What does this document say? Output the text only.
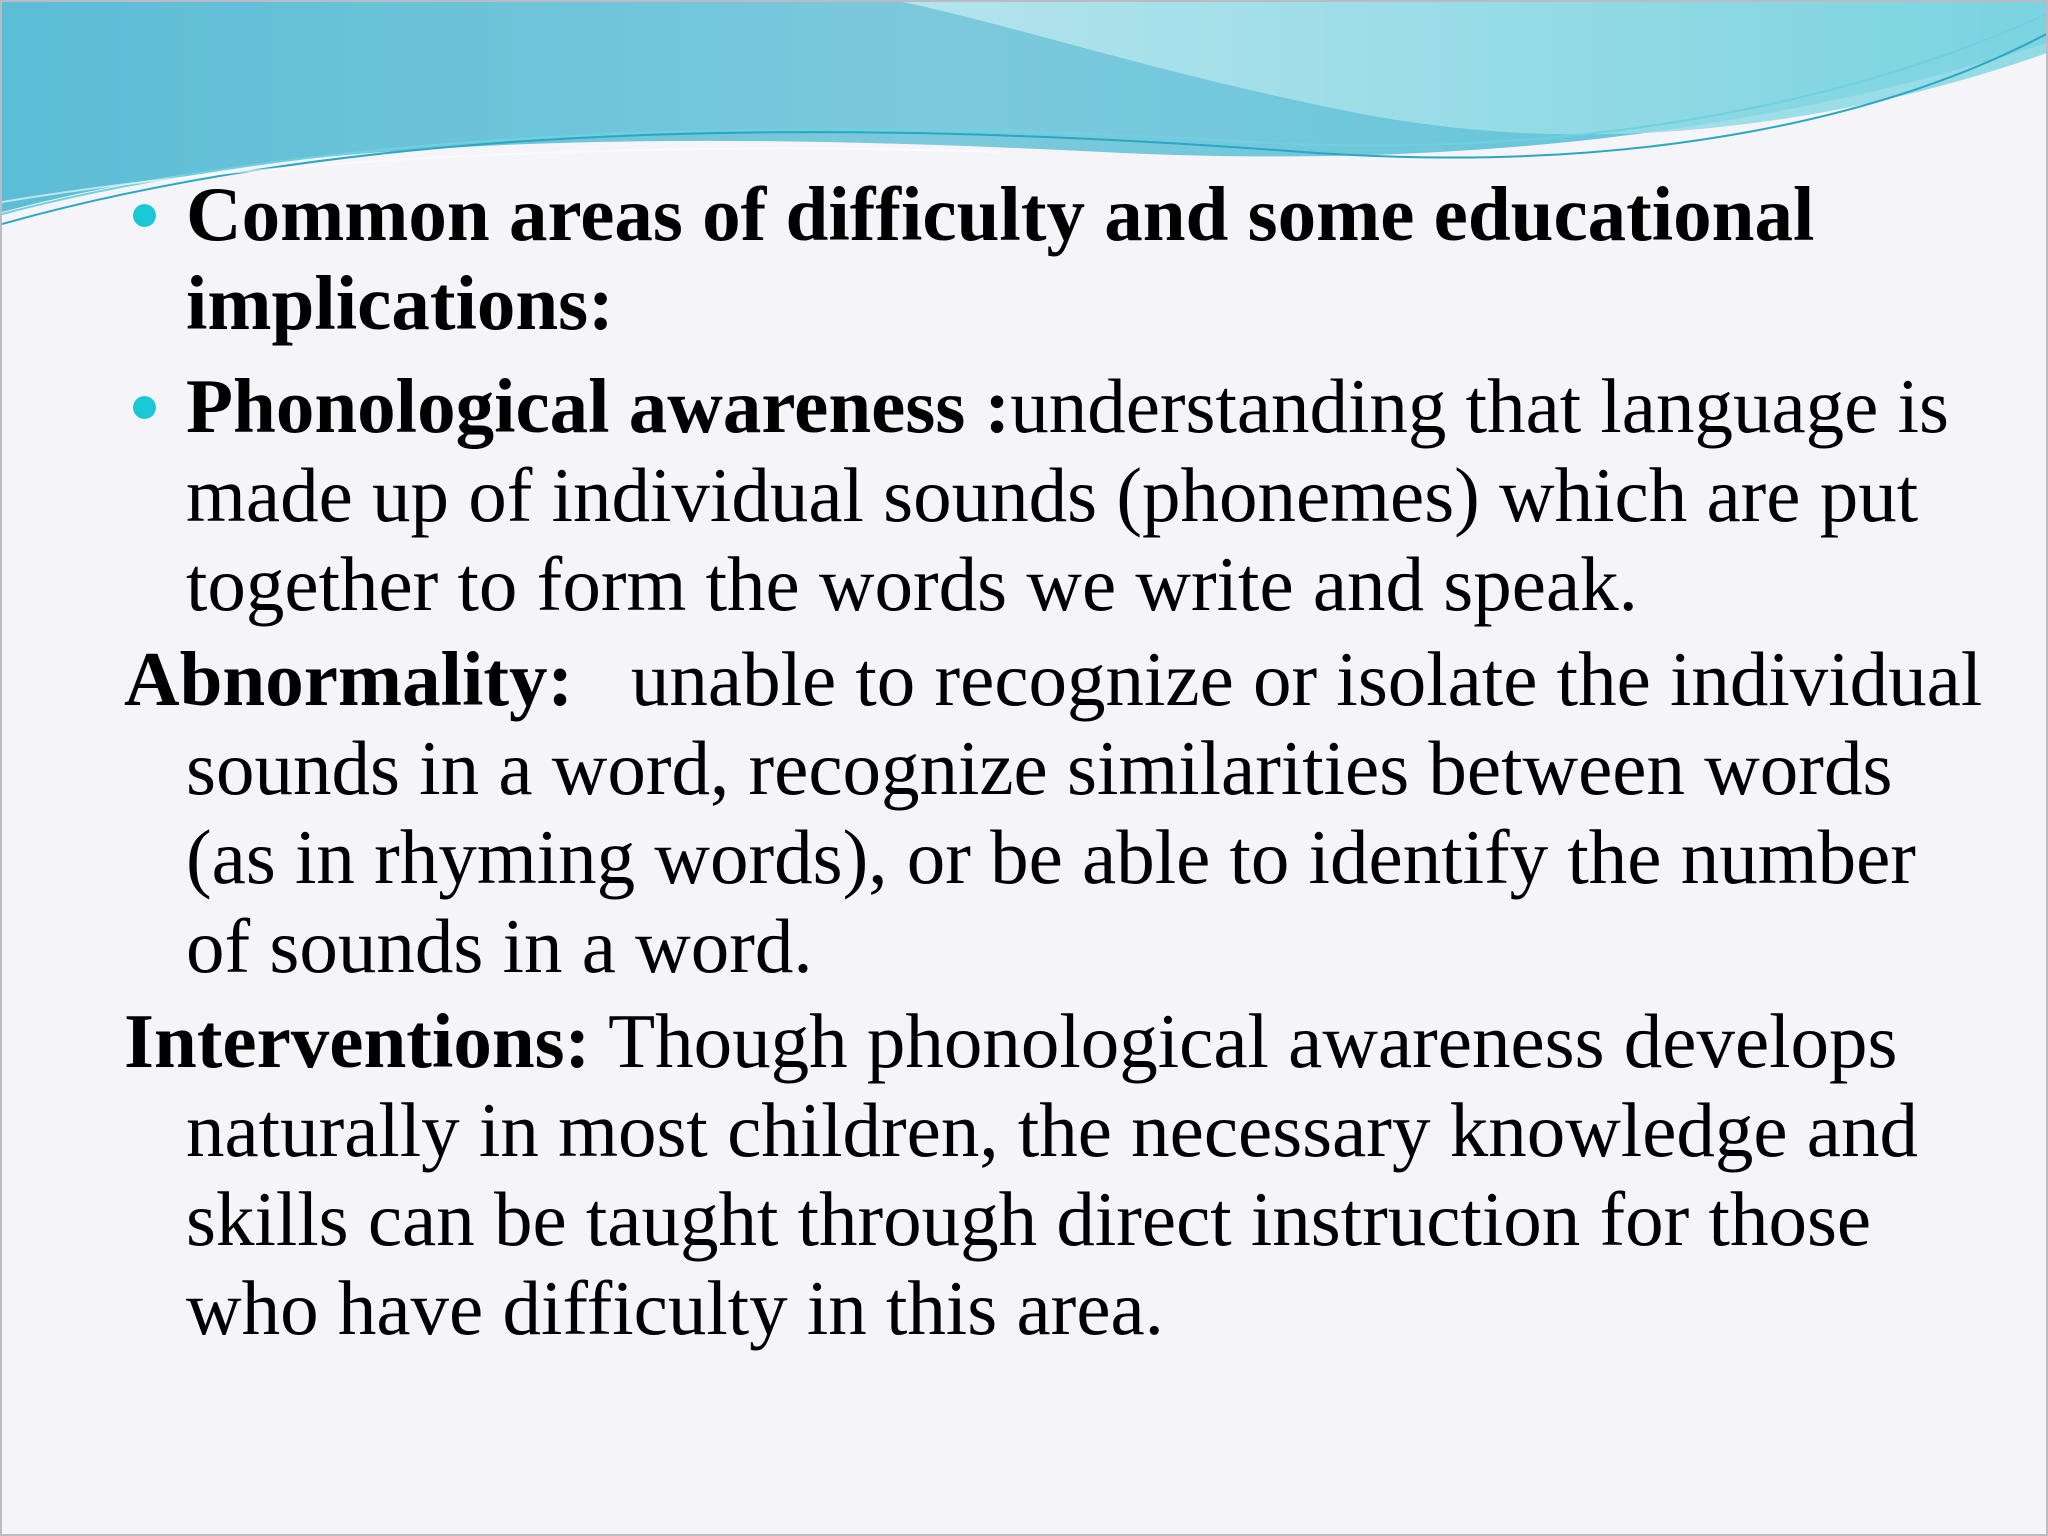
Common areas of difficulty and some educational implications:

Phonological awareness :understanding that language is made up of individual sounds (phonemes) which are put together to form the words we write and speak.

Abnormality:   unable to recognize or isolate the individual sounds in a word, recognize similarities between words (as in rhyming words), or be able to identify the number of sounds in a word.

Interventions: Though phonological awareness develops naturally in most children, the necessary knowledge and skills can be taught through direct instruction for those who have difficulty in this area.
